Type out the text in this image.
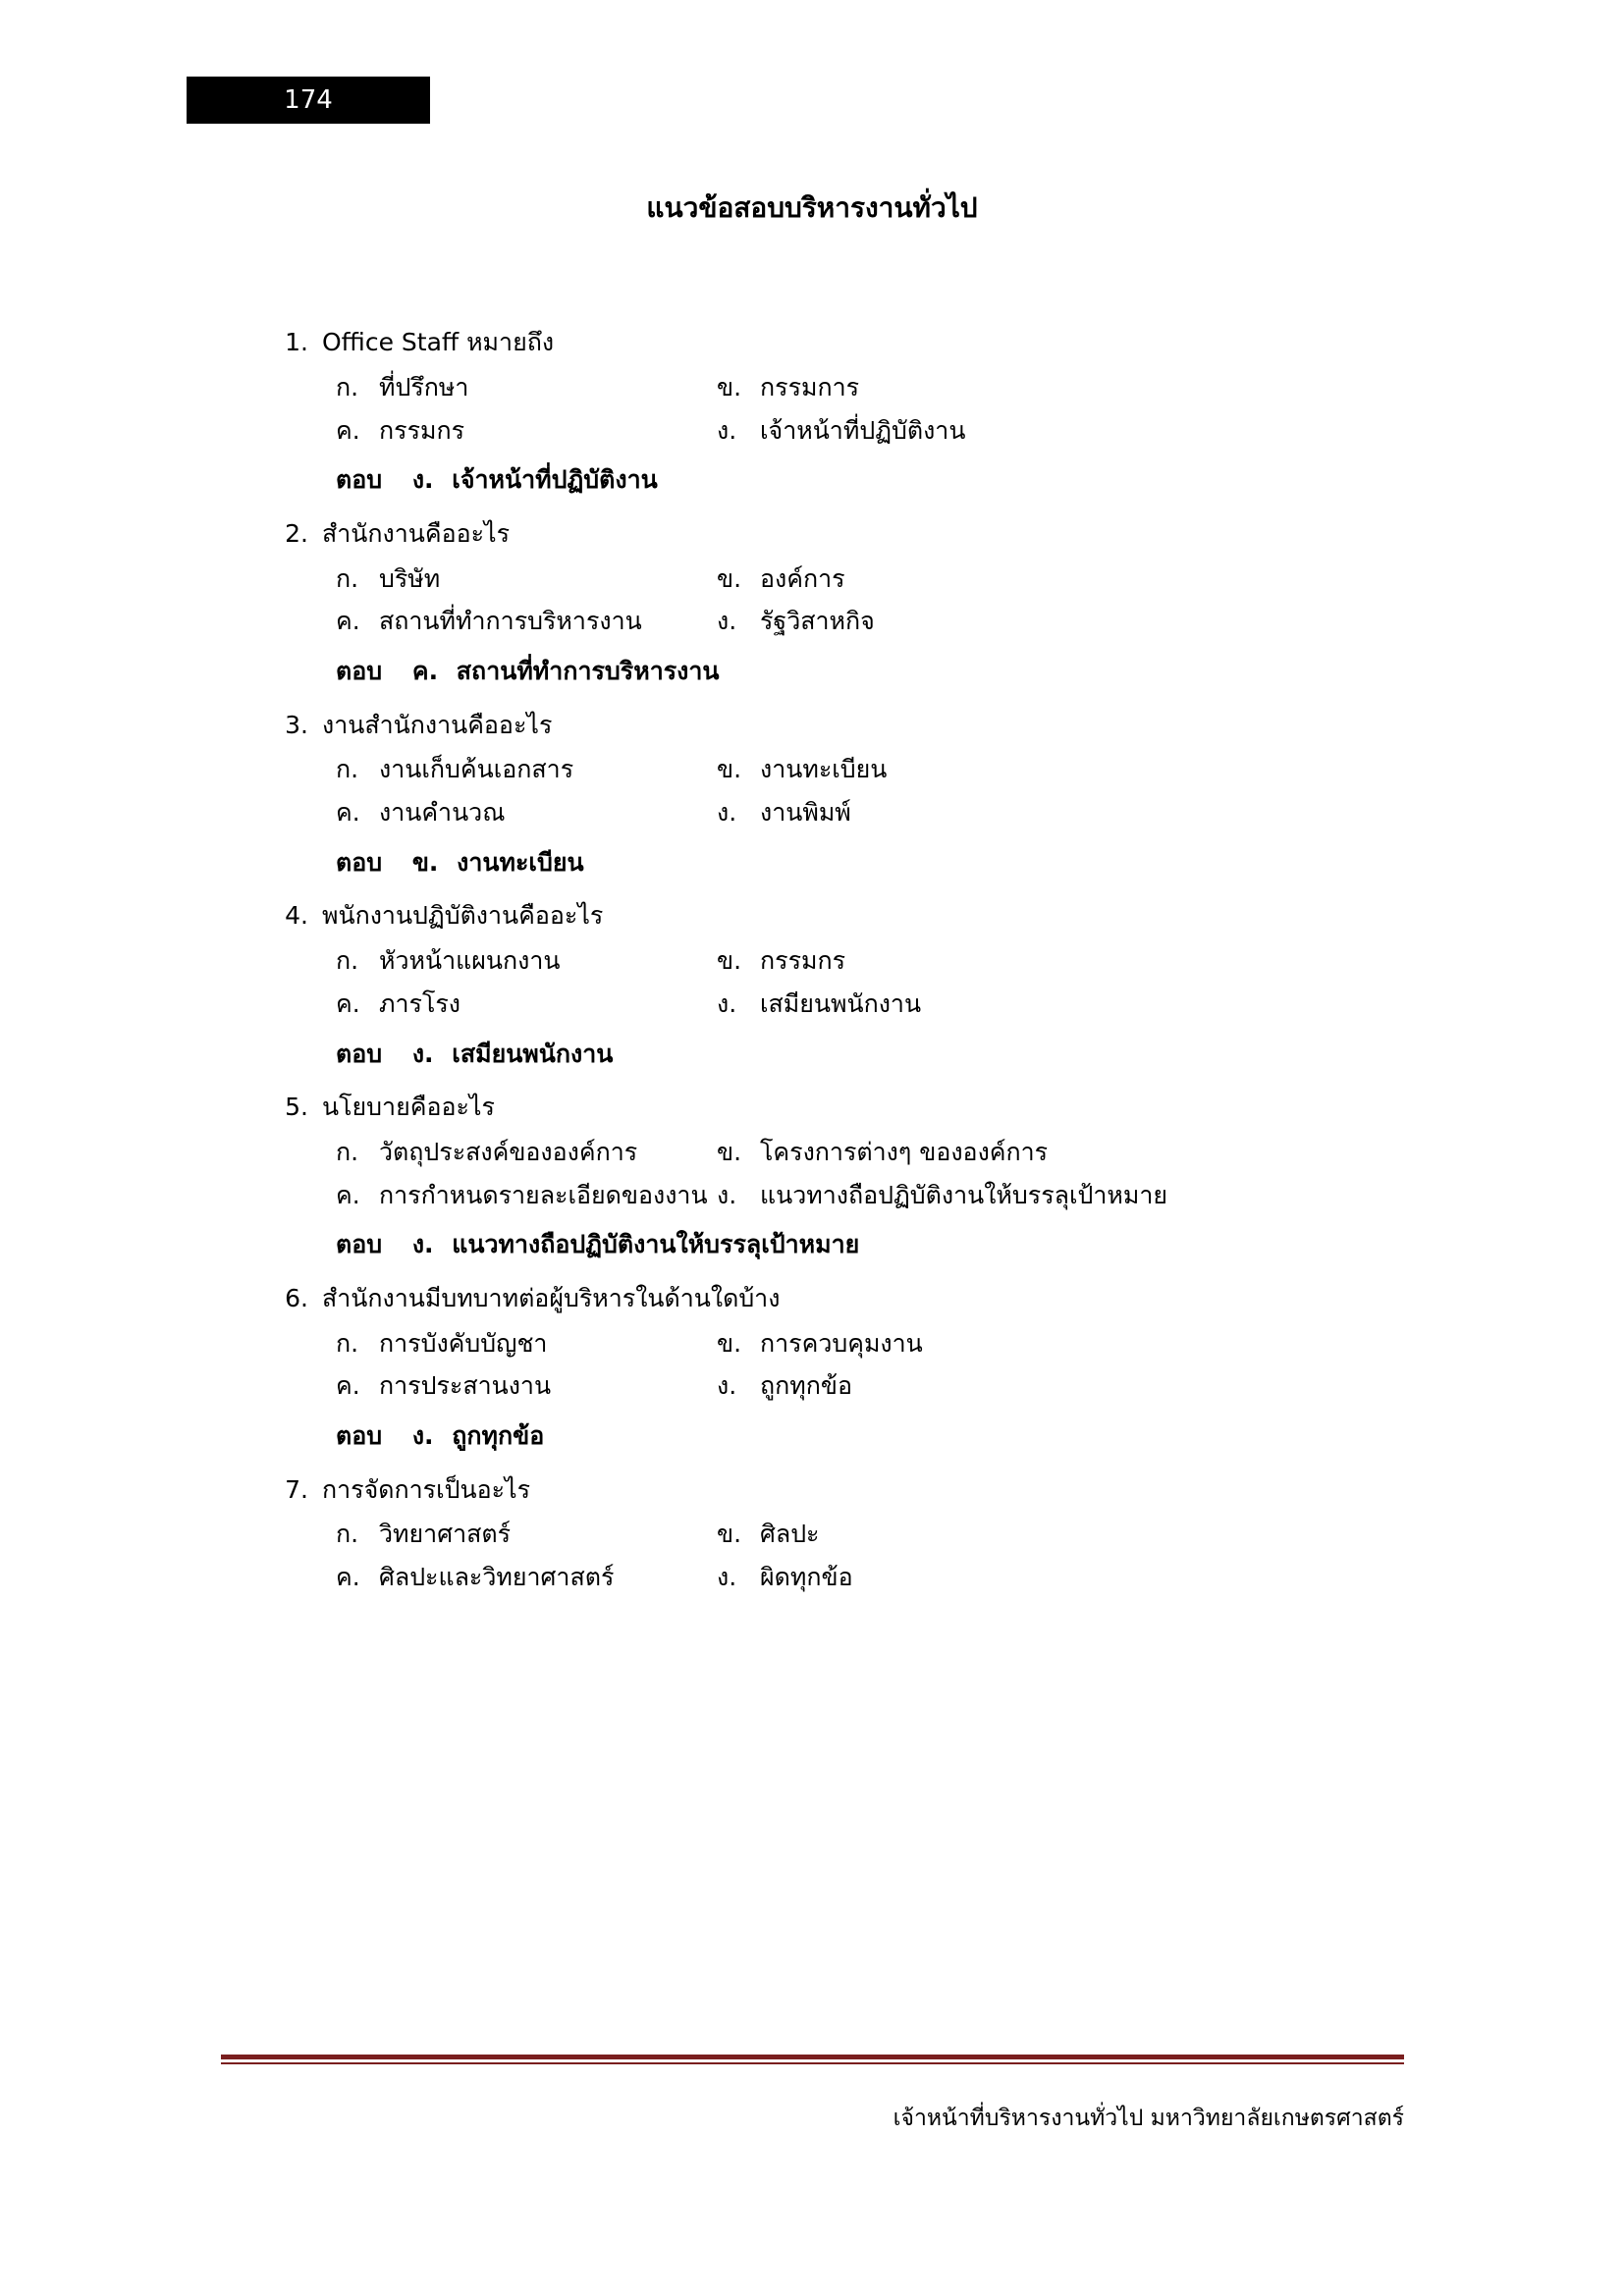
174
แนวข้อสอบบริหารงานทั่วไป
1. Office Staff หมายถึง
ก. ที่ปรึกษา	ข. กรรมการ
ค. กรรมกร	ง. เจ้าหน้าที่ปฏิบัติงาน
ตอบ ง. เจ้าหน้าที่ปฏิบัติงาน
2. สำนักงานคืออะไร
ก. บริษัท	ข. องค์การ
ค. สถานที่ทำการบริหารงาน	ง. รัฐวิสาหกิจ
ตอบ ค. สถานที่ทำการบริหารงาน
3. งานสำนักงานคืออะไร
ก. งานเก็บค้นเอกสาร	ข. งานทะเบียน
ค. งานคำนวณ	ง. งานพิมพ์
ตอบ ข. งานทะเบียน
4. พนักงานปฏิบัติงานคืออะไร
ก. หัวหน้าแผนกงาน	ข. กรรมกร
ค. ภารโรง	ง. เสมียนพนักงาน
ตอบ ง. เสมียนพนักงาน
5. นโยบายคืออะไร
ก. วัตถุประสงค์ขององค์การ	ข. โครงการต่างๆ ขององค์การ
ค. การกำหนดรายละเอียดของงาน ง. แนวทางถือปฏิบัติงานให้บรรลุเป้าหมาย
ตอบ ง. แนวทางถือปฏิบัติงานให้บรรลุเป้าหมาย
6. สำนักงานมีบทบาทต่อผู้บริหารในด้านใดบ้าง
ก. การบังคับบัญชา	ข. การควบคุมงาน
ค. การประสานงาน	ง. ถูกทุกข้อ
ตอบ ง. ถูกทุกข้อ
7. การจัดการเป็นอะไร
ก. วิทยาศาสตร์	ข. ศิลปะ
ค. ศิลปะและวิทยาศาสตร์	ง. ผิดทุกข้อ
เจ้าหน้าที่บริหารงานทั่วไป มหาวิทยาลัยเกษตรศาสตร์
